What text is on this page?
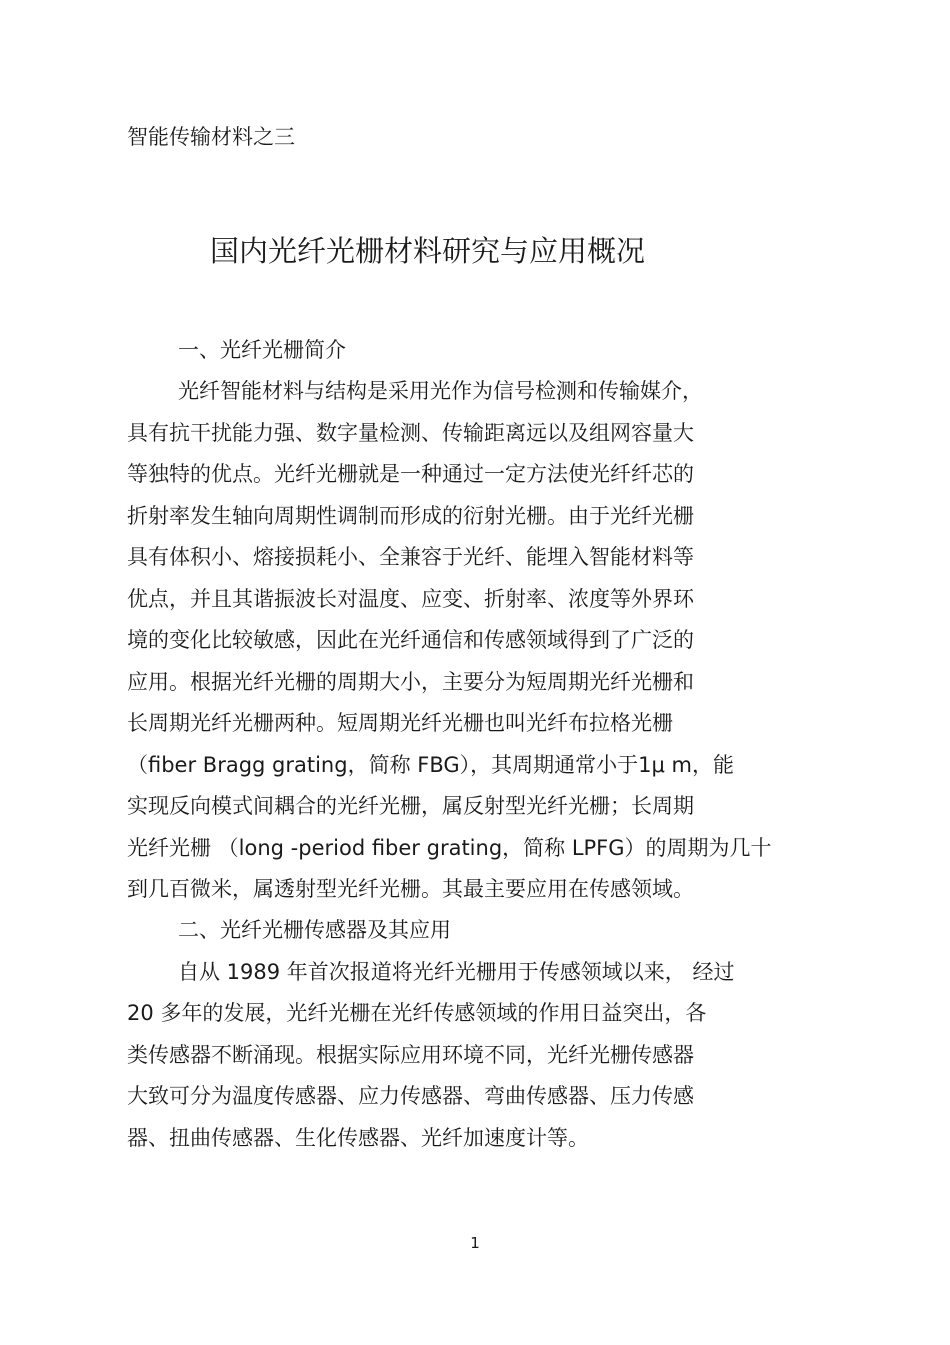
智能传输材料之三
国内光纤光栅材料研究与应用概况
一、光纤光栅简介
光纤智能材料与结构是采用光作为信号检测和传输媒介，
具有抗干扰能力强、数字量检测、传输距离远以及组网容量大
等独特的优点。光纤光栅就是一种通过一定方法使光纤纤芯的
折射率发生轴向周期性调制而形成的衍射光栅。由于光纤光栅
具有体积小、熔接损耗小、全兼容于光纤、能埋入智能材料等
优点，并且其谐振波长对温度、应变、折射率、浓度等外界环
境的变化比较敏感，因此在光纤通信和传感领域得到了广泛的
应用。根据光纤光栅的周期大小，主要分为短周期光纤光栅和
长周期光纤光栅两种。短周期光纤光栅也叫光纤布拉格光栅
（fiber Bragg grating，简称 FBG），其周期通常小于1μ m，能
实现反向模式间耦合的光纤光栅，属反射型光纤光栅；长周期
光纤光栅 （long -period fiber grating，简称 LPFG）的周期为几十
到几百微米，属透射型光纤光栅。其最主要应用在传感领域。
二、光纤光栅传感器及其应用
自从 1989 年首次报道将光纤光栅用于传感领域以来， 经过
20 多年的发展，光纤光栅在光纤传感领域的作用日益突出，各
类传感器不断涌现。根据实际应用环境不同，光纤光栅传感器
大致可分为温度传感器、应力传感器、弯曲传感器、压力传感
器、扭曲传感器、生化传感器、光纤加速度计等。
1
